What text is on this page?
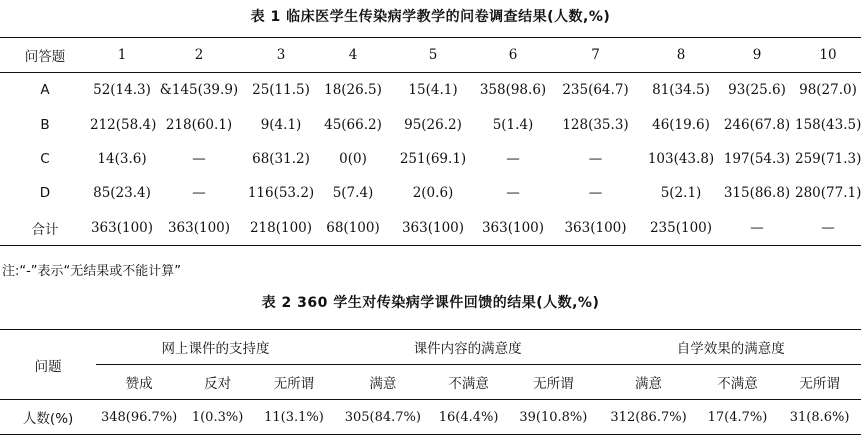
表 1 临床医学生传染病学教学的问卷调查结果(人数,%)
问答题	1	2	3	4	5	6	7	8	9	10
A	52(14.3)	&145(39.9)	25(11.5)	18(26.5)	15(4.1)	358(98.6)	235(64.7)	81(34.5)	93(25.6)	98(27.0)
B	212(58.4)	218(60.1)	9(4.1)	45(66.2)	95(26.2)	5(1.4)	128(35.3)	46(19.6)	246(67.8)	158(43.5)
C	14(3.6)	—	68(31.2)	0(0)	251(69.1)	—	—	103(43.8)	197(54.3)	259(71.3)
D	85(23.4)	—	116(53.2)	5(7.4)	2(0.6)	—	—	5(2.1)	315(86.8)	280(77.1)
合计	363(100)	363(100)	218(100)	68(100)	363(100)	363(100)	363(100)	235(100)	—	—
注:“-”表示“无结果或不能计算”
表 2 360 学生对传染病学课件回馈的结果(人数,%)
问题	网上课件的支持度			课件内容的满意度			自学效果的满意度		
	赞成	反对	无所谓	满意	不满意	无所谓	满意	不满意	无所谓
人数(%)	348(96.7%)	1(0.3%)	11(3.1%)	305(84.7%)	16(4.4%)	39(10.8%)	312(86.7%)	17(4.7%)	31(8.6%)
